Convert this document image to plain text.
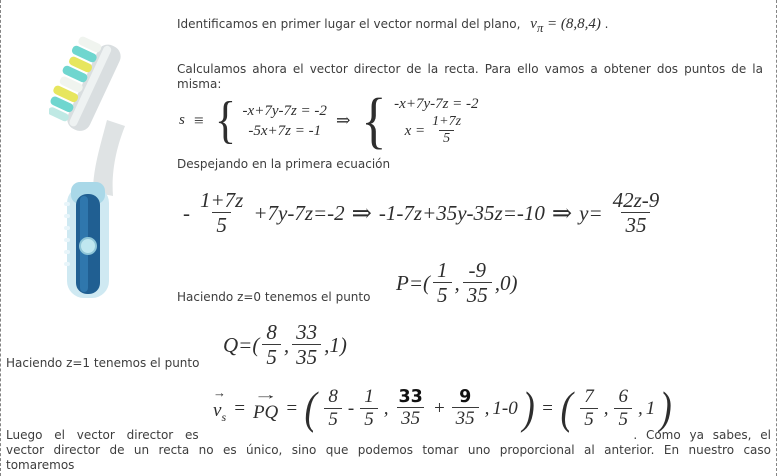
Identificamos en primer lugar el vector normal del plano, $v_\pi = (8,8,4)$ .
Calculamos ahora el vector director de la recta. Para ello vamos a obtener dos puntos de la
misma:
s ≡ { -x+7y-7z = -2
-5x+7z = -1
⇒ { -x+7y-7z = -2
$x = \frac{1+7z}{5}$
Despejando en la primera ecuación
- $\frac{1+7z}{5} +7y-7z=-2$ ⇒ -1-7z+35y-35z=-10 ⇒ $y= \frac{42z-9}{35}$
$P=( \frac{1}{5}$ , $\frac{-9}{35} ,0$)
Haciendo z=0 tenemos el punto
$Q=( \frac{8}{5}$ , $\frac{33}{35} ,1$)
Haciendo z=1 tenemos el punto
→
$v_s$ =
→
PQ = ( $\frac{8}{5} - \frac{1}{5}$ , $\frac{33}{35} + \frac{9}{35}$ , 1-0 ) = ( $\frac{7}{5}$ , $\frac{6}{5}$ , 1 )
Luego el vector director es	. Como ya sabes, el
vector director de un recta no es único, sino que podemos tomar uno proporcional al anterior. En nuestro caso
tomaremos
